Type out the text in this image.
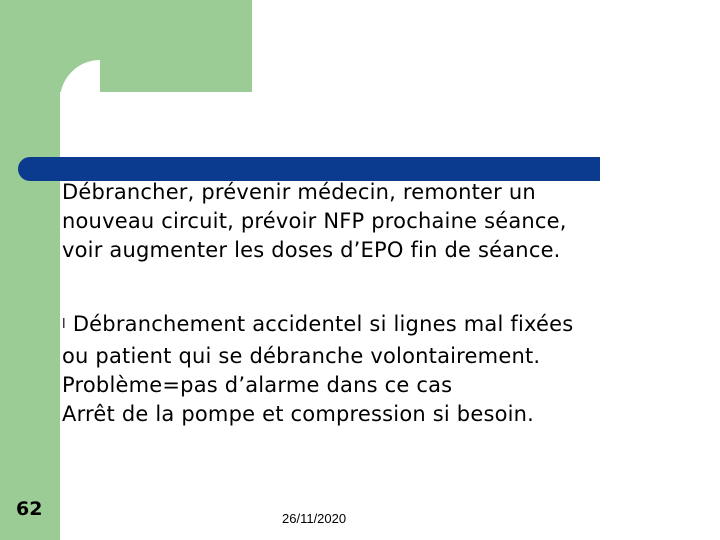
Débrancher, prévenir médecin, remonter un
nouveau circuit, prévoir NFP prochaine séance,
voir augmenter les doses d’EPO fin de séance.

l Débranchement accidentel si lignes mal fixées
ou patient qui se débranche volontairement.
Problème=pas d’alarme dans ce cas

Arrêt de la pompe et compression si besoin.

62	26/11/2020
